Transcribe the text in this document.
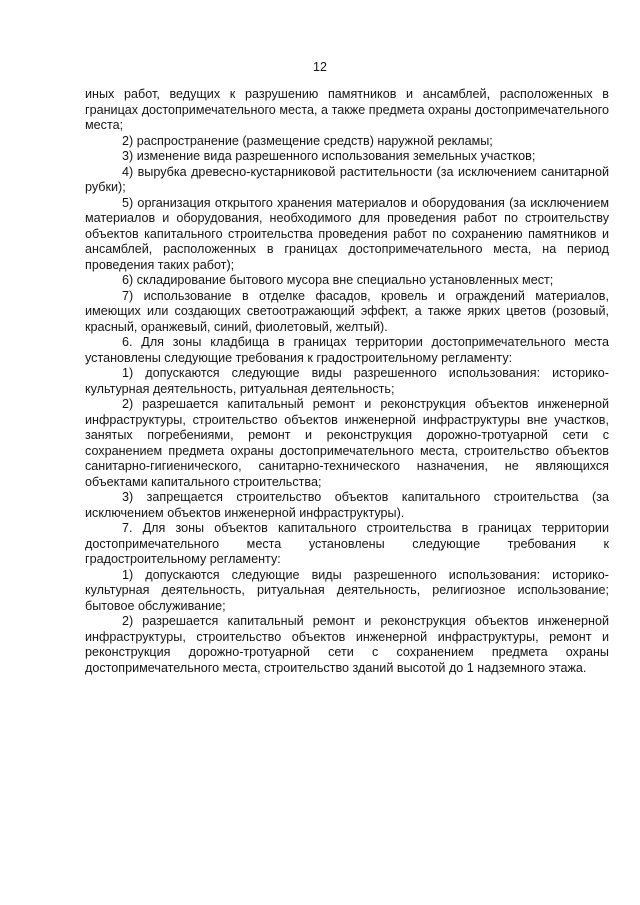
12

иных работ, ведущих к разрушению памятников и ансамблей, расположенных в границах достопримечательного места, а также предмета охраны достопримечательного места;

2) распространение (размещение средств) наружной рекламы;

3) изменение вида разрешенного использования земельных участков;

4) вырубка древесно-кустарниковой растительности (за исключением санитарной рубки);

5) организация открытого хранения материалов и оборудования (за исключением материалов и оборудования, необходимого для проведения работ по строительству объектов капитального строительства проведения работ по сохранению памятников и ансамблей, расположенных в границах достопримечательного места, на период проведения таких работ);

6) складирование бытового мусора вне специально установленных мест;

7) использование в отделке фасадов, кровель и ограждений материалов, имеющих или создающих светоотражающий эффект, а также ярких цветов (розовый, красный, оранжевый, синий, фиолетовый, желтый).

6. Для зоны кладбища в границах территории достопримечательного места установлены следующие требования к градостроительному регламенту:

1) допускаются следующие виды разрешенного использования: историко-культурная деятельность, ритуальная деятельность;

2) разрешается капитальный ремонт и реконструкция объектов инженерной инфраструктуры, строительство объектов инженерной инфраструктуры вне участков, занятых погребениями, ремонт и реконструкция дорожно-тротуарной сети с сохранением предмета охраны достопримечательного места, строительство объектов санитарно-гигиенического, санитарно-технического назначения, не являющихся объектами капитального строительства;

3) запрещается строительство объектов капитального строительства (за исключением объектов инженерной инфраструктуры).

7. Для зоны объектов капитального строительства в границах территории достопримечательного места установлены следующие требования к градостроительному регламенту:

1) допускаются следующие виды разрешенного использования: историко-культурная деятельность, ритуальная деятельность, религиозное использование; бытовое обслуживание;

2) разрешается капитальный ремонт и реконструкция объектов инженерной инфраструктуры, строительство объектов инженерной инфраструктуры, ремонт и реконструкция дорожно-тротуарной сети с сохранением предмета охраны достопримечательного места, строительство зданий высотой до 1 надземного этажа.
